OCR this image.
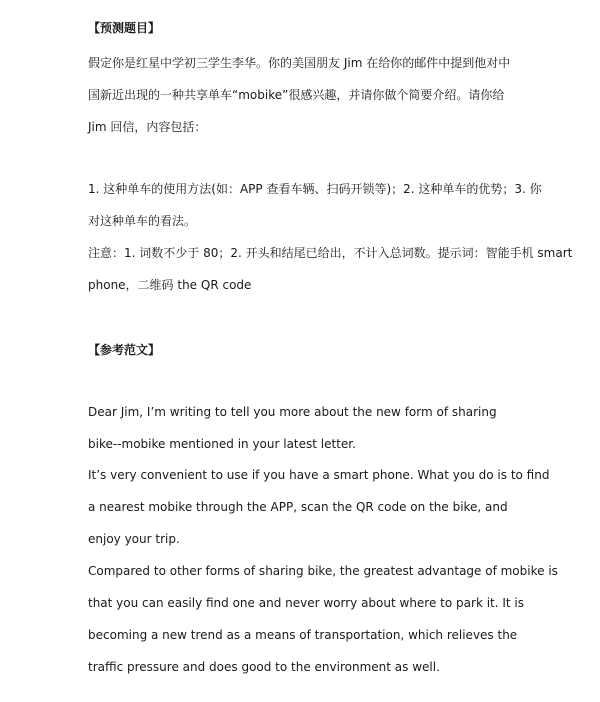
【预测题目】
假定你是红星中学初三学生李华。你的美国朋友 Jim 在给你的邮件中提到他对中
国新近出现的一种共享单车“mobike”很感兴趣，并请你做个简要介绍。请你给
Jim 回信，内容包括：
1. 这种单车的使用方法(如：APP 查看车辆、扫码开锁等)；2. 这种单车的优势；3. 你
对这种单车的看法。
注意：1. 词数不少于 80；2. 开头和结尾已给出，不计入总词数。提示词：智能手机 smart
phone，二维码 the QR code
【参考范文】
Dear Jim, I’m writing to tell you more about the new form of sharing
bike--mobike mentioned in your latest letter.
It’s very convenient to use if you have a smart phone. What you do is to find
a nearest mobike through the APP, scan the QR code on the bike, and
enjoy your trip.
Compared to other forms of sharing bike, the greatest advantage of mobike is
that you can easily find one and never worry about where to park it. It is
becoming a new trend as a means of transportation, which relieves the
traffic pressure and does good to the environment as well.
